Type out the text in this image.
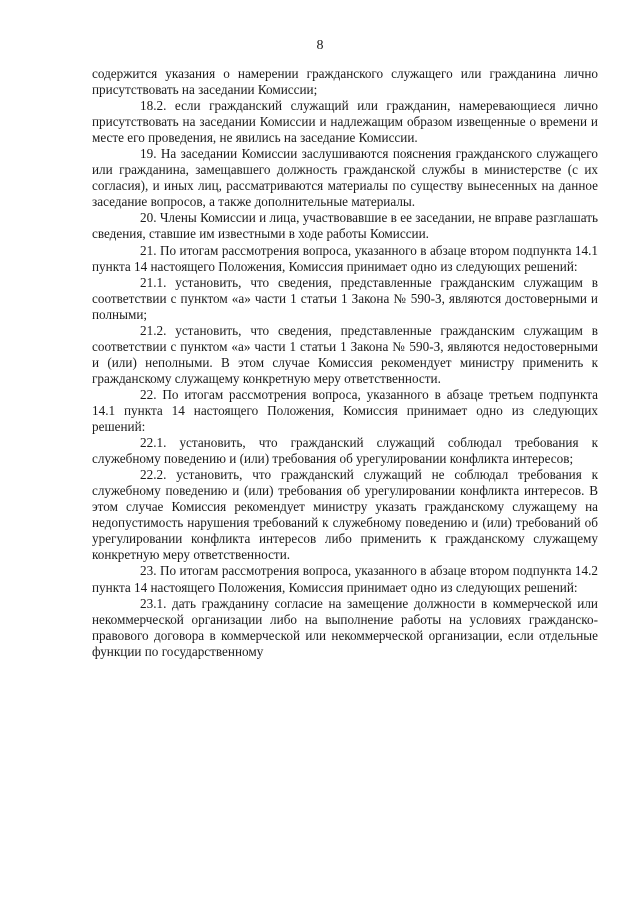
8

содержится указания о намерении гражданского служащего или гражданина лично присутствовать на заседании Комиссии;

18.2. если гражданский служащий или гражданин, намеревающиеся лично присутствовать на заседании Комиссии и надлежащим образом извещенные о времени и месте его проведения, не явились на заседание Комиссии.

19. На заседании Комиссии заслушиваются пояснения гражданского служащего или гражданина, замещавшего должность гражданской службы в министерстве (с их согласия), и иных лиц, рассматриваются материалы по существу вынесенных на данное заседание вопросов, а также дополнительные материалы.

20. Члены Комиссии и лица, участвовавшие в ее заседании, не вправе разглашать сведения, ставшие им известными в ходе работы Комиссии.

21. По итогам рассмотрения вопроса, указанного в абзаце втором подпункта 14.1 пункта 14 настоящего Положения, Комиссия принимает одно из следующих решений:

21.1. установить, что сведения, представленные гражданским служащим в соответствии с пунктом «а» части 1 статьи 1 Закона № 590-З, являются достоверными и полными;

21.2. установить, что сведения, представленные гражданским служащим в соответствии с пунктом «а» части 1 статьи 1 Закона № 590-З, являются недостоверными и (или) неполными. В этом случае Комиссия рекомендует министру применить к гражданскому служащему конкретную меру ответственности.

22. По итогам рассмотрения вопроса, указанного в абзаце третьем подпункта 14.1 пункта 14 настоящего Положения, Комиссия принимает одно из следующих решений:

22.1. установить, что гражданский служащий соблюдал требования к служебному поведению и (или) требования об урегулировании конфликта интересов;

22.2. установить, что гражданский служащий не соблюдал требования к служебному поведению и (или) требования об урегулировании конфликта интересов. В этом случае Комиссия рекомендует министру указать гражданскому служащему на недопустимость нарушения требований к служебному поведению и (или) требований об урегулировании конфликта интересов либо применить к гражданскому служащему конкретную меру ответственности.

23. По итогам рассмотрения вопроса, указанного в абзаце втором подпункта 14.2 пункта 14 настоящего Положения, Комиссия принимает одно из следующих решений:

23.1. дать гражданину согласие на замещение должности в коммерческой или некоммерческой организации либо на выполнение работы на условиях гражданско-правового договора в коммерческой или некоммерческой организации, если отдельные функции по государственному
